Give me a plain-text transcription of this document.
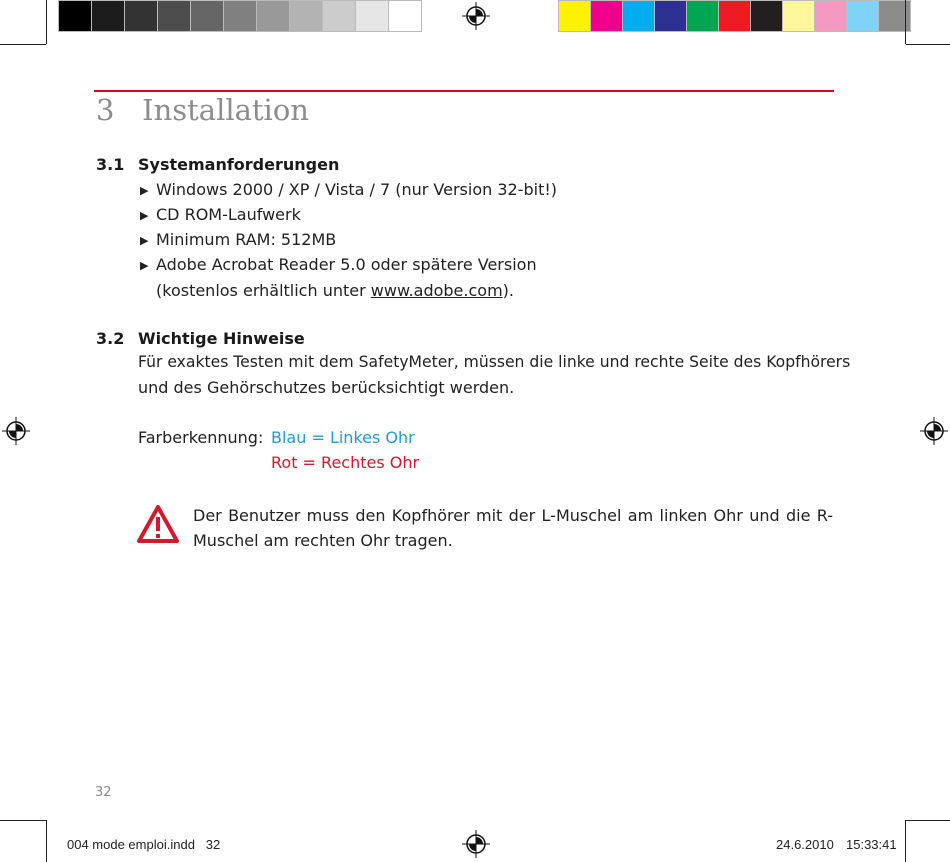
3 Installation
3.1 Systemanforderungen
▶ Windows 2000 / XP / Vista / 7 (nur Version 32-bit!)
▶ CD ROM-Laufwerk
▶ Minimum RAM: 512MB
▶ Adobe Acrobat Reader 5.0 oder spätere Version
(kostenlos erhältlich unter www.adobe.com).
3.2 Wichtige Hinweise
Für exaktes Testen mit dem SafetyMeter, müssen die linke und rechte Seite des Kopfhörers
und des Gehörschutzes berücksichtigt werden.
Farberkennung: Blau = Linkes Ohr
Rot = Rechtes Ohr
Der Benutzer muss den Kopfhörer mit der L-Muschel am linken Ohr und die R-Muschel am rechten Ohr tragen.
32
004 mode emploi.indd   32	24.6.2010 15:33:41
